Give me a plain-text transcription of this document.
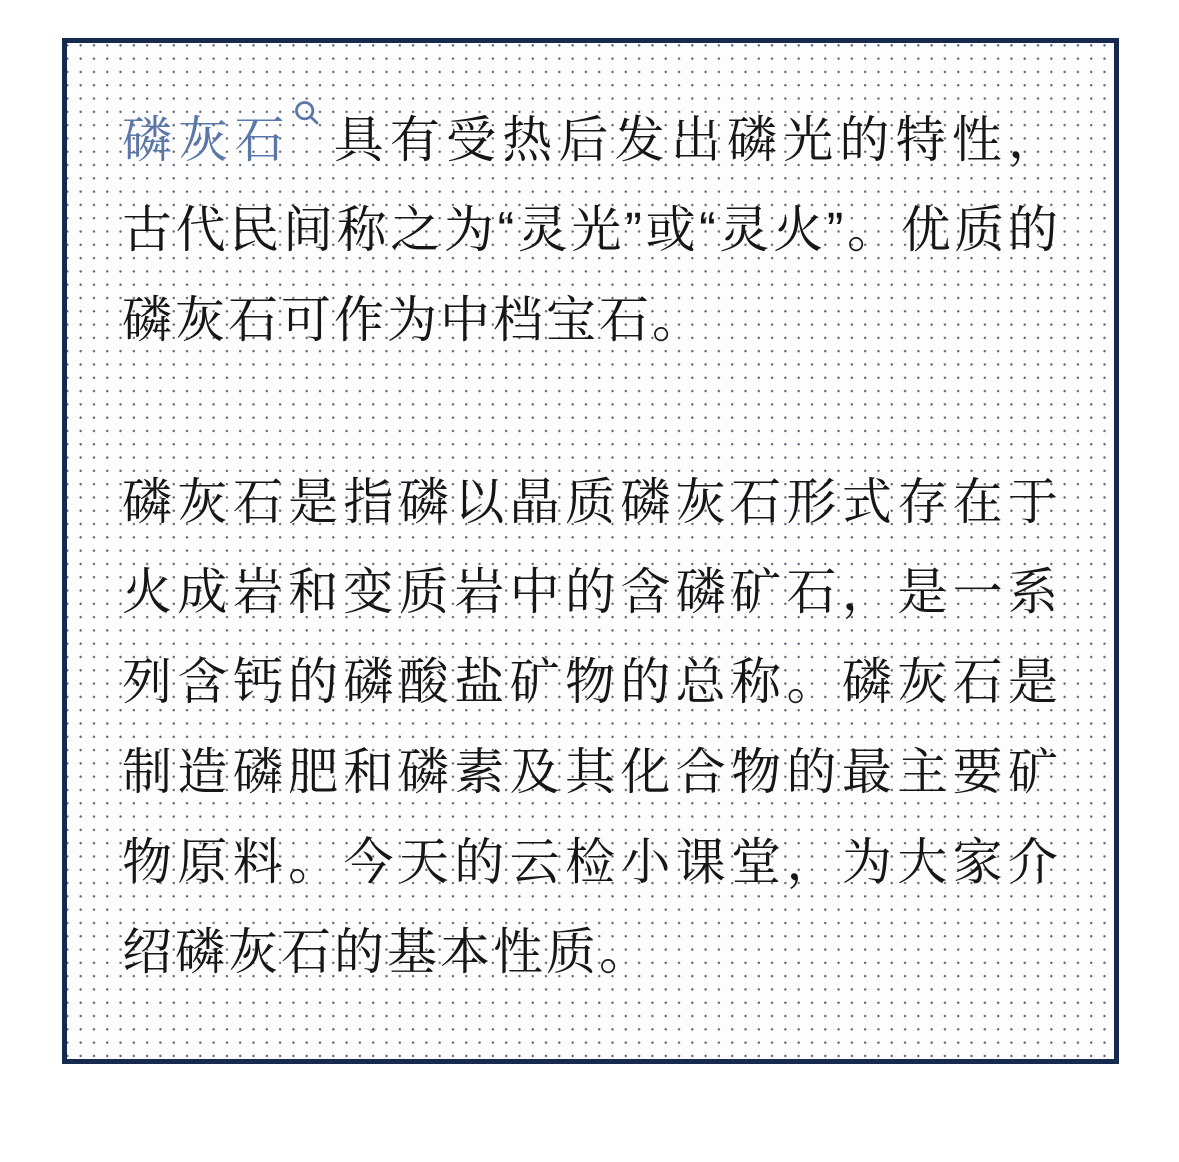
磷灰石 具有受热后发出磷光的特性，古代民间称之为“灵光”或“灵火”。优质的磷灰石可作为中档宝石。

磷灰石是指磷以晶质磷灰石形式存在于火成岩和变质岩中的含磷矿石，是一系列含钙的磷酸盐矿物的总称。磷灰石是制造磷肥和磷素及其化合物的最主要矿物原料。今天的云检小课堂，为大家介绍磷灰石的基本性质。
